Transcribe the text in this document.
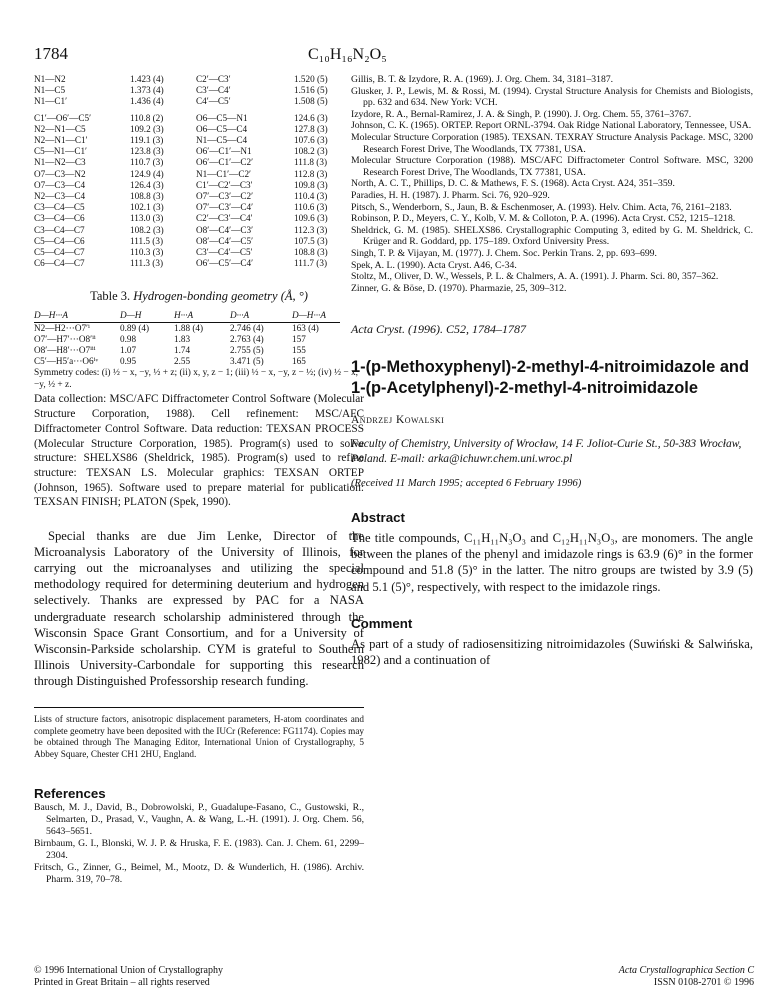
1784	C₁₀H₁₆N₂O₅
N1—N2	1.423 (4)	C2′—C3′	1.520 (5)
N1—C5	1.373 (4)	C3′—C4′	1.516 (5)
N1—C1′	1.436 (4)	C4′—C5′	1.508 (5)
C1′—O6′—C5′	110.8 (2)	O6—C5—N1	124.6 (3)
N2—N1—C5	109.2 (3)	O6—C5—C4	127.8 (3)
N2—N1—C1′	119.1 (3)	N1—C5—C4	107.6 (3)
C5—N1—C1′	123.8 (3)	O6′—C1′—N1	108.2 (3)
N1—N2—C3	110.7 (3)	O6′—C1′—C2′	111.8 (3)
O7—C3—N2	124.9 (4)	N1—C1′—C2′	112.8 (3)
O7—C3—C4	126.4 (3)	C1′—C2′—C3′	109.8 (3)
N2—C3—C4	108.8 (3)	O7′—C3′—C2′	110.4 (3)
C3—C4—C5	102.1 (3)	O7′—C3′—C4′	110.6 (3)
C3—C4—C6	113.0 (3)	C2′—C3′—C4′	109.6 (3)
C3—C4—C7	108.2 (3)	O8′—C4′—C3′	112.3 (3)
C5—C4—C6	111.5 (3)	O8′—C4′—C5′	107.5 (3)
C5—C4—C7	110.3 (3)	C3′—C4′—C5′	108.8 (3)
C6—C4—C7	111.3 (3)	O6′—C5′—C4′	111.7 (3)
Table 3. Hydrogen-bonding geometry (Å, °)
D—H···A	D—H	H···A	D···A	D—H···A
N2—H2···O7′ⁱ	0.89 (4)	1.88 (4)	2.746 (4)	163 (4)
O7′—H7′···O8′ⁱⁱ	0.98	1.83	2.763 (4)	157
O8′—H8′···O7ⁱⁱⁱ	1.07	1.74	2.755 (5)	155
C5′—H5′a···O6ⁱᵛ	0.95	2.55	3.471 (5)	165
Symmetry codes: (i) ½ − x, −y, ½ + z; (ii) x, y, z − 1; (iii) ½ − x, −y, z − ½; (iv) ½ − x, −y, ½ + z.
Data collection: MSC/AFC Diffractometer Control Software (Molecular Structure Corporation, 1988). Cell refinement: MSC/AFC Diffractometer Control Software. Data reduction: TEXSAN PROCESS (Molecular Structure Corporation, 1985). Program(s) used to solve structure: SHELXS86 (Sheldrick, 1985). Program(s) used to refine structure: TEXSAN LS. Molecular graphics: TEXSAN ORTEP (Johnson, 1965). Software used to prepare material for publication: TEXSAN FINISH; PLATON (Spek, 1990).
Special thanks are due Jim Lenke, Director of the Microanalysis Laboratory of the University of Illinois, for carrying out the microanalyses and utilizing the special methodology required for determining deuterium and hydrogen selectively. Thanks are expressed by PAC for a NASA undergraduate research scholarship administered through the Wisconsin Space Grant Consortium, and for a University of Wisconsin-Parkside scholarship. CYM is grateful to Southern Illinois University-Carbondale for supporting this research through Distinguished Professorship research funding.
Lists of structure factors, anisotropic displacement parameters, H-atom coordinates and complete geometry have been deposited with the IUCr (Reference: FG1174). Copies may be obtained through The Managing Editor, International Union of Crystallography, 5 Abbey Square, Chester CH1 2HU, England.
References
Bausch, M. J., David, B., Dobrowolski, P., Guadalupe-Fasano, C., Gustowski, R., Selmarten, D., Prasad, V., Vaughn, A. & Wang, L.-H. (1991). J. Org. Chem. 56, 5643–5651.
Birnbaum, G. I., Blonski, W. J. P. & Hruska, F. E. (1983). Can. J. Chem. 61, 2299–2304.
Fritsch, G., Zinner, G., Beimel, M., Mootz, D. & Wunderlich, H. (1986). Archiv. Pharm. 319, 70–78.
Gillis, B. T. & Izydore, R. A. (1969). J. Org. Chem. 34, 3181–3187.
Glusker, J. P., Lewis, M. & Rossi, M. (1994). Crystal Structure Analysis for Chemists and Biologists, pp. 632 and 634. New York: VCH.
Izydore, R. A., Bernal-Ramirez, J. A. & Singh, P. (1990). J. Org. Chem. 55, 3761–3767.
Johnson, C. K. (1965). ORTEP. Report ORNL-3794. Oak Ridge National Laboratory, Tennessee, USA.
Molecular Structure Corporation (1985). TEXSAN. TEXRAY Structure Analysis Package. MSC, 3200 Research Forest Drive, The Woodlands, TX 77381, USA.
Molecular Structure Corporation (1988). MSC/AFC Diffractometer Control Software. MSC, 3200 Research Forest Drive, The Woodlands, TX 77381, USA.
North, A. C. T., Phillips, D. C. & Mathews, F. S. (1968). Acta Cryst. A24, 351–359.
Paradies, H. H. (1987). J. Pharm. Sci. 76, 920–929.
Pitsch, S., Wenderborn, S., Jaun, B. & Eschenmoser, A. (1993). Helv. Chim. Acta, 76, 2161–2183.
Robinson, P. D., Meyers, C. Y., Kolb, V. M. & Colloton, P. A. (1996). Acta Cryst. C52, 1215–1218.
Sheldrick, G. M. (1985). SHELXS86. Crystallographic Computing 3, edited by G. M. Sheldrick, C. Krüger and R. Goddard, pp. 175–189. Oxford University Press.
Singh, T. P. & Vijayan, M. (1977). J. Chem. Soc. Perkin Trans. 2, pp. 693–699.
Spek, A. L. (1990). Acta Cryst. A46, C-34.
Stoltz, M., Oliver, D. W., Wessels, P. L. & Chalmers, A. A. (1991). J. Pharm. Sci. 80, 357–362.
Zinner, G. & Böse, D. (1970). Pharmazie, 25, 309–312.
Acta Cryst. (1996). C52, 1784–1787
1-(p-Methoxyphenyl)-2-methyl-4-nitroimidazole and 1-(p-Acetylphenyl)-2-methyl-4-nitroimidazole
Andrzej Kowalski
Faculty of Chemistry, University of Wrocław, 14 F. Joliot-Curie St., 50-383 Wrocław, Poland. E-mail: arka@ichuwr.chem.uni.wroc.pl
(Received 11 March 1995; accepted 6 February 1996)
Abstract
The title compounds, C₁₁H₁₁N₃O₃ and C₁₂H₁₁N₃O₃, are monomers. The angle between the planes of the phenyl and imidazole rings is 63.9 (6)° in the former compound and 51.8 (5)° in the latter. The nitro groups are twisted by 3.9 (5) and 5.1 (5)°, respectively, with respect to the imidazole rings.
Comment
As part of a study of radiosensitizing nitroimidazoles (Suwiński & Salwińska, 1982) and a continuation of
© 1996 International Union of Crystallography
Printed in Great Britain – all rights reserved
Acta Crystallographica Section C
ISSN 0108-2701 © 1996
